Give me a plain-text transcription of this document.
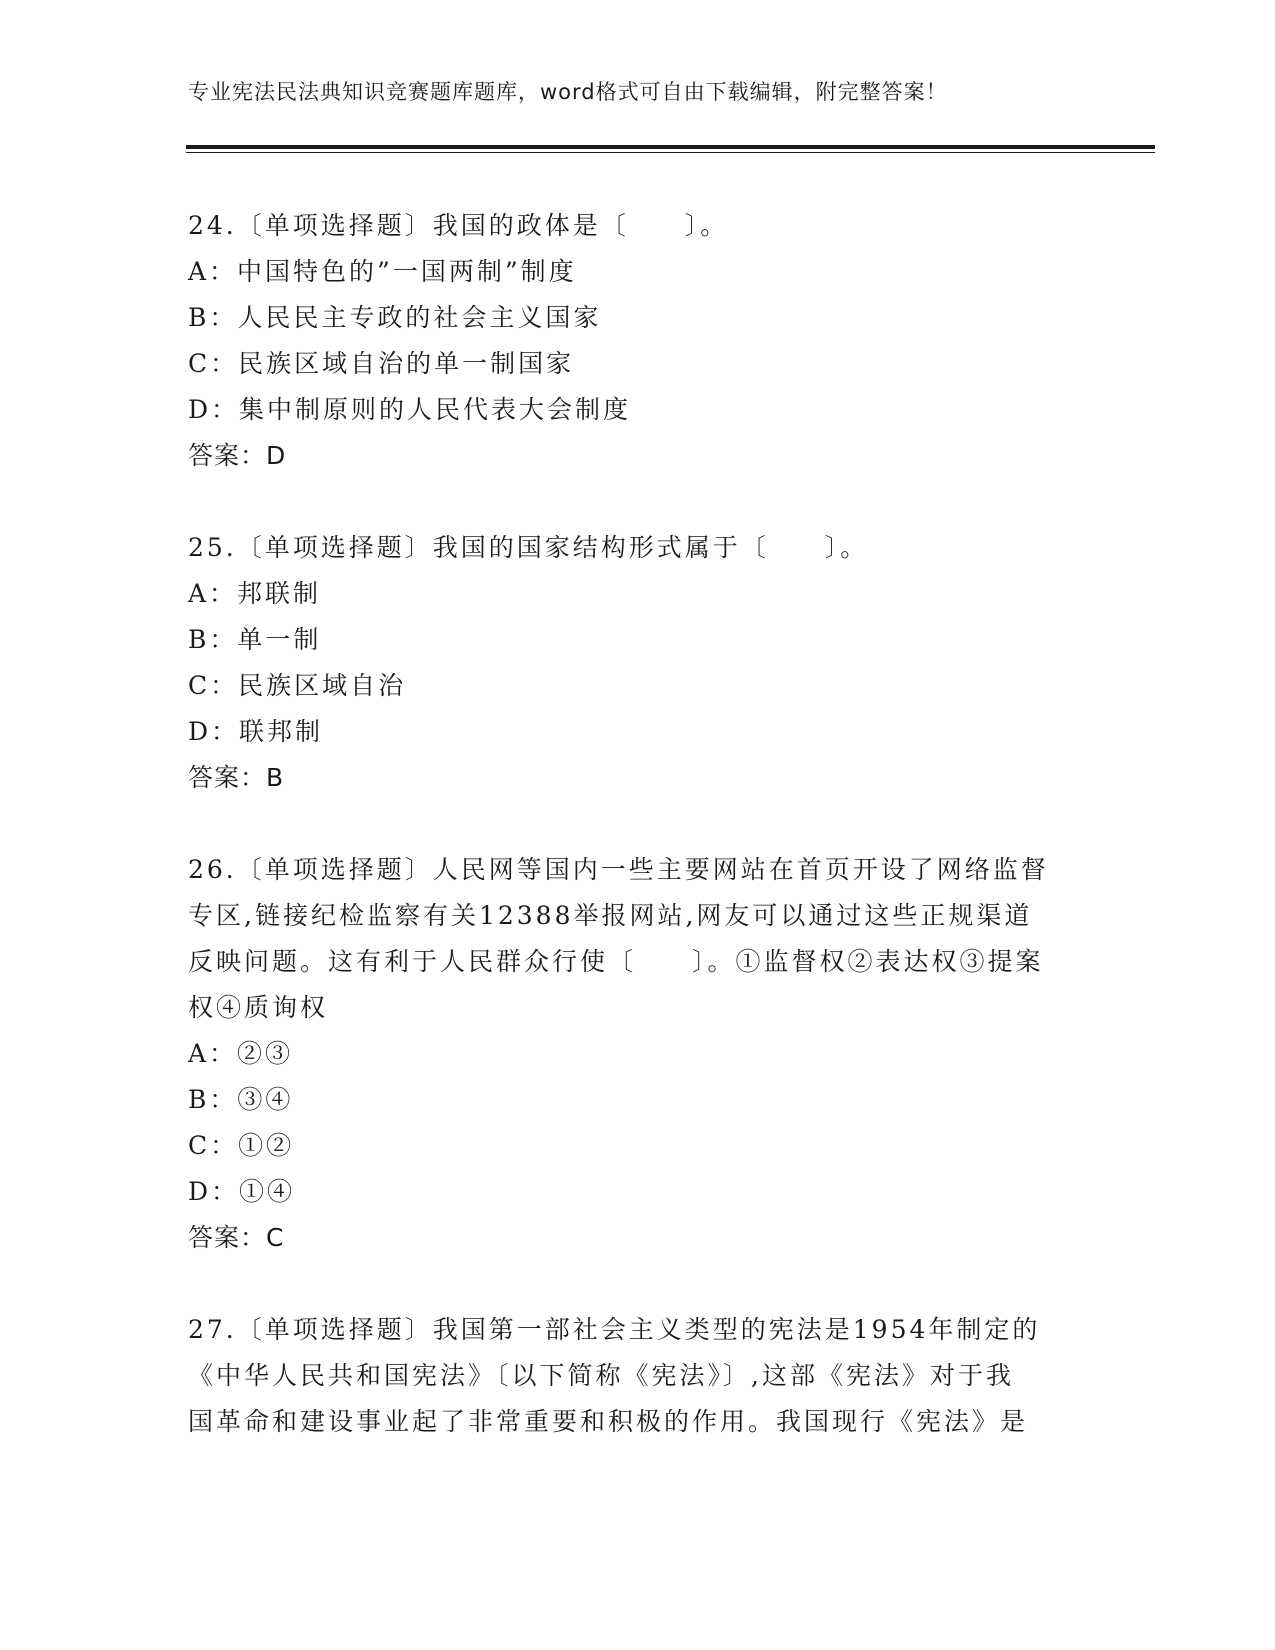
专业宪法民法典知识竞赛题库题库，word格式可自由下载编辑，附完整答案！
24.〔单项选择题〕我国的政体是〔　　〕。
A：中国特色的”一国两制”制度
B：人民民主专政的社会主义国家
C：民族区域自治的单一制国家
D：集中制原则的人民代表大会制度
答案：D
25.〔单项选择题〕我国的国家结构形式属于〔　　〕。
A：邦联制
B：单一制
C：民族区域自治
D：联邦制
答案：B
26.〔单项选择题〕人民网等国内一些主要网站在首页开设了网络监督
专区,链接纪检监察有关12388举报网站,网友可以通过这些正规渠道
反映问题。这有利于人民群众行使〔　　〕。①监督权②表达权③提案
权④质询权
A：②③
B：③④
C：①②
D：①④
答案：C
27.〔单项选择题〕我国第一部社会主义类型的宪法是1954年制定的
《中华人民共和国宪法》〔以下简称《宪法》〕,这部《宪法》对于我
国革命和建设事业起了非常重要和积极的作用。我国现行《宪法》是
